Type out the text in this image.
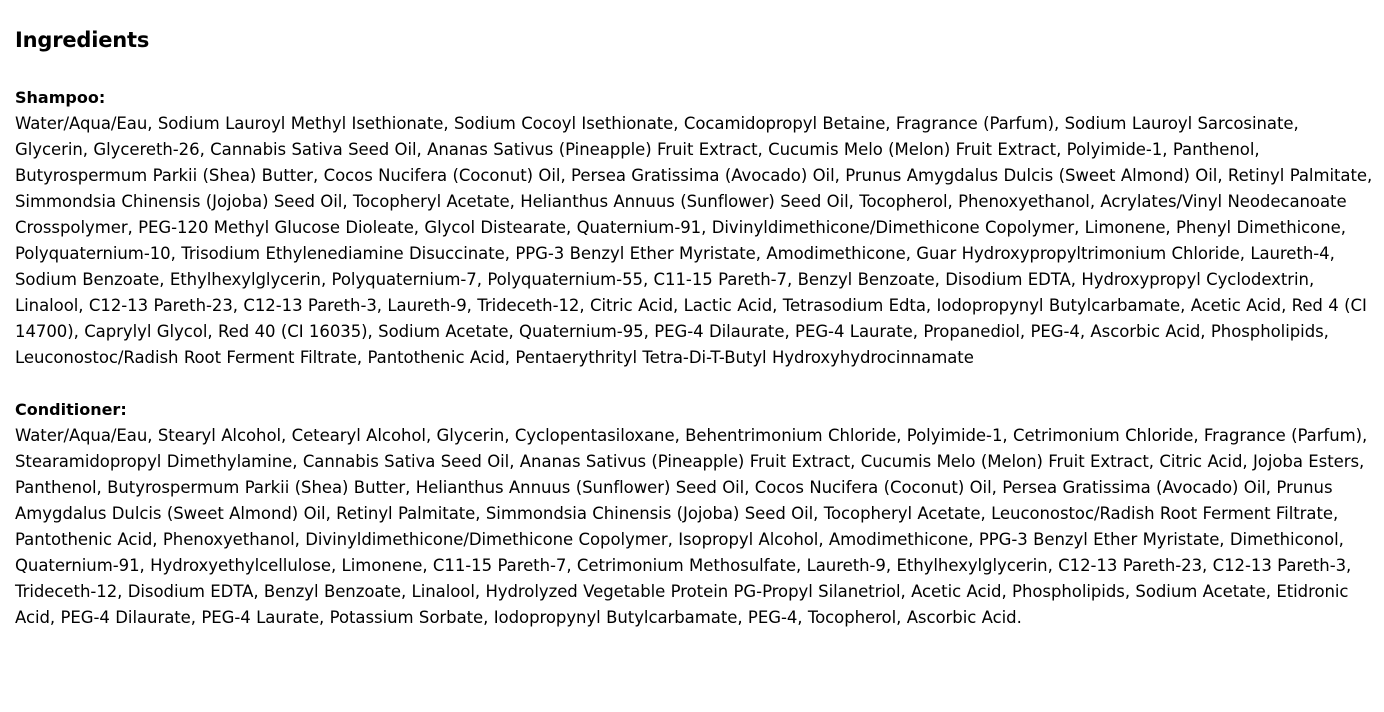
Ingredients
Shampoo:

Water/Aqua/Eau, Sodium Lauroyl Methyl Isethionate, Sodium Cocoyl Isethionate, Cocamidopropyl Betaine, Fragrance (Parfum), Sodium Lauroyl Sarcosinate, Glycerin, Glycereth-26, Cannabis Sativa Seed Oil, Ananas Sativus (Pineapple) Fruit Extract, Cucumis Melo (Melon) Fruit Extract, Polyimide-1, Panthenol, Butyrospermum Parkii (Shea) Butter, Cocos Nucifera (Coconut) Oil, Persea Gratissima (Avocado) Oil, Prunus Amygdalus Dulcis (Sweet Almond) Oil, Retinyl Palmitate, Simmondsia Chinensis (Jojoba) Seed Oil, Tocopheryl Acetate, Helianthus Annuus (Sunflower) Seed Oil, Tocopherol, Phenoxyethanol, Acrylates/Vinyl Neodecanoate Crosspolymer, PEG-120 Methyl Glucose Dioleate, Glycol Distearate, Quaternium-91, Divinyldimethicone/Dimethicone Copolymer, Limonene, Phenyl Dimethicone, Polyquaternium-10, Trisodium Ethylenediamine Disuccinate, PPG-3 Benzyl Ether Myristate, Amodimethicone, Guar Hydroxypropyltrimonium Chloride, Laureth-4, Sodium Benzoate, Ethylhexylglycerin, Polyquaternium-7, Polyquaternium-55, C11-15 Pareth-7, Benzyl Benzoate, Disodium EDTA, Hydroxypropyl Cyclodextrin, Linalool, C12-13 Pareth-23, C12-13 Pareth-3, Laureth-9, Trideceth-12, Citric Acid, Lactic Acid, Tetrasodium Edta, Iodopropynyl Butylcarbamate, Acetic Acid, Red 4 (CI 14700), Caprylyl Glycol, Red 40 (CI 16035), Sodium Acetate, Quaternium-95, PEG-4 Dilaurate, PEG-4 Laurate, Propanediol, PEG-4, Ascorbic Acid, Phospholipids, Leuconostoc/Radish Root Ferment Filtrate, Pantothenic Acid, Pentaerythrityl Tetra-Di-T-Butyl Hydroxyhydrocinnamate

Conditioner:

Water/Aqua/Eau, Stearyl Alcohol, Cetearyl Alcohol, Glycerin, Cyclopentasiloxane, Behentrimonium Chloride, Polyimide-1, Cetrimonium Chloride, Fragrance (Parfum), Stearamidopropyl Dimethylamine, Cannabis Sativa Seed Oil, Ananas Sativus (Pineapple) Fruit Extract, Cucumis Melo (Melon) Fruit Extract, Citric Acid, Jojoba Esters, Panthenol, Butyrospermum Parkii (Shea) Butter, Helianthus Annuus (Sunflower) Seed Oil, Cocos Nucifera (Coconut) Oil, Persea Gratissima (Avocado) Oil, Prunus Amygdalus Dulcis (Sweet Almond) Oil, Retinyl Palmitate, Simmondsia Chinensis (Jojoba) Seed Oil, Tocopheryl Acetate, Leuconostoc/Radish Root Ferment Filtrate, Pantothenic Acid, Phenoxyethanol, Divinyldimethicone/Dimethicone Copolymer, Isopropyl Alcohol, Amodimethicone, PPG-3 Benzyl Ether Myristate, Dimethiconol, Quaternium-91, Hydroxyethylcellulose, Limonene, C11-15 Pareth-7, Cetrimonium Methosulfate, Laureth-9, Ethylhexylglycerin, C12-13 Pareth-23, C12-13 Pareth-3, Trideceth-12, Disodium EDTA, Benzyl Benzoate, Linalool, Hydrolyzed Vegetable Protein PG-Propyl Silanetriol, Acetic Acid, Phospholipids, Sodium Acetate, Etidronic Acid, PEG-4 Dilaurate, PEG-4 Laurate, Potassium Sorbate, Iodopropynyl Butylcarbamate, PEG-4, Tocopherol, Ascorbic Acid.
